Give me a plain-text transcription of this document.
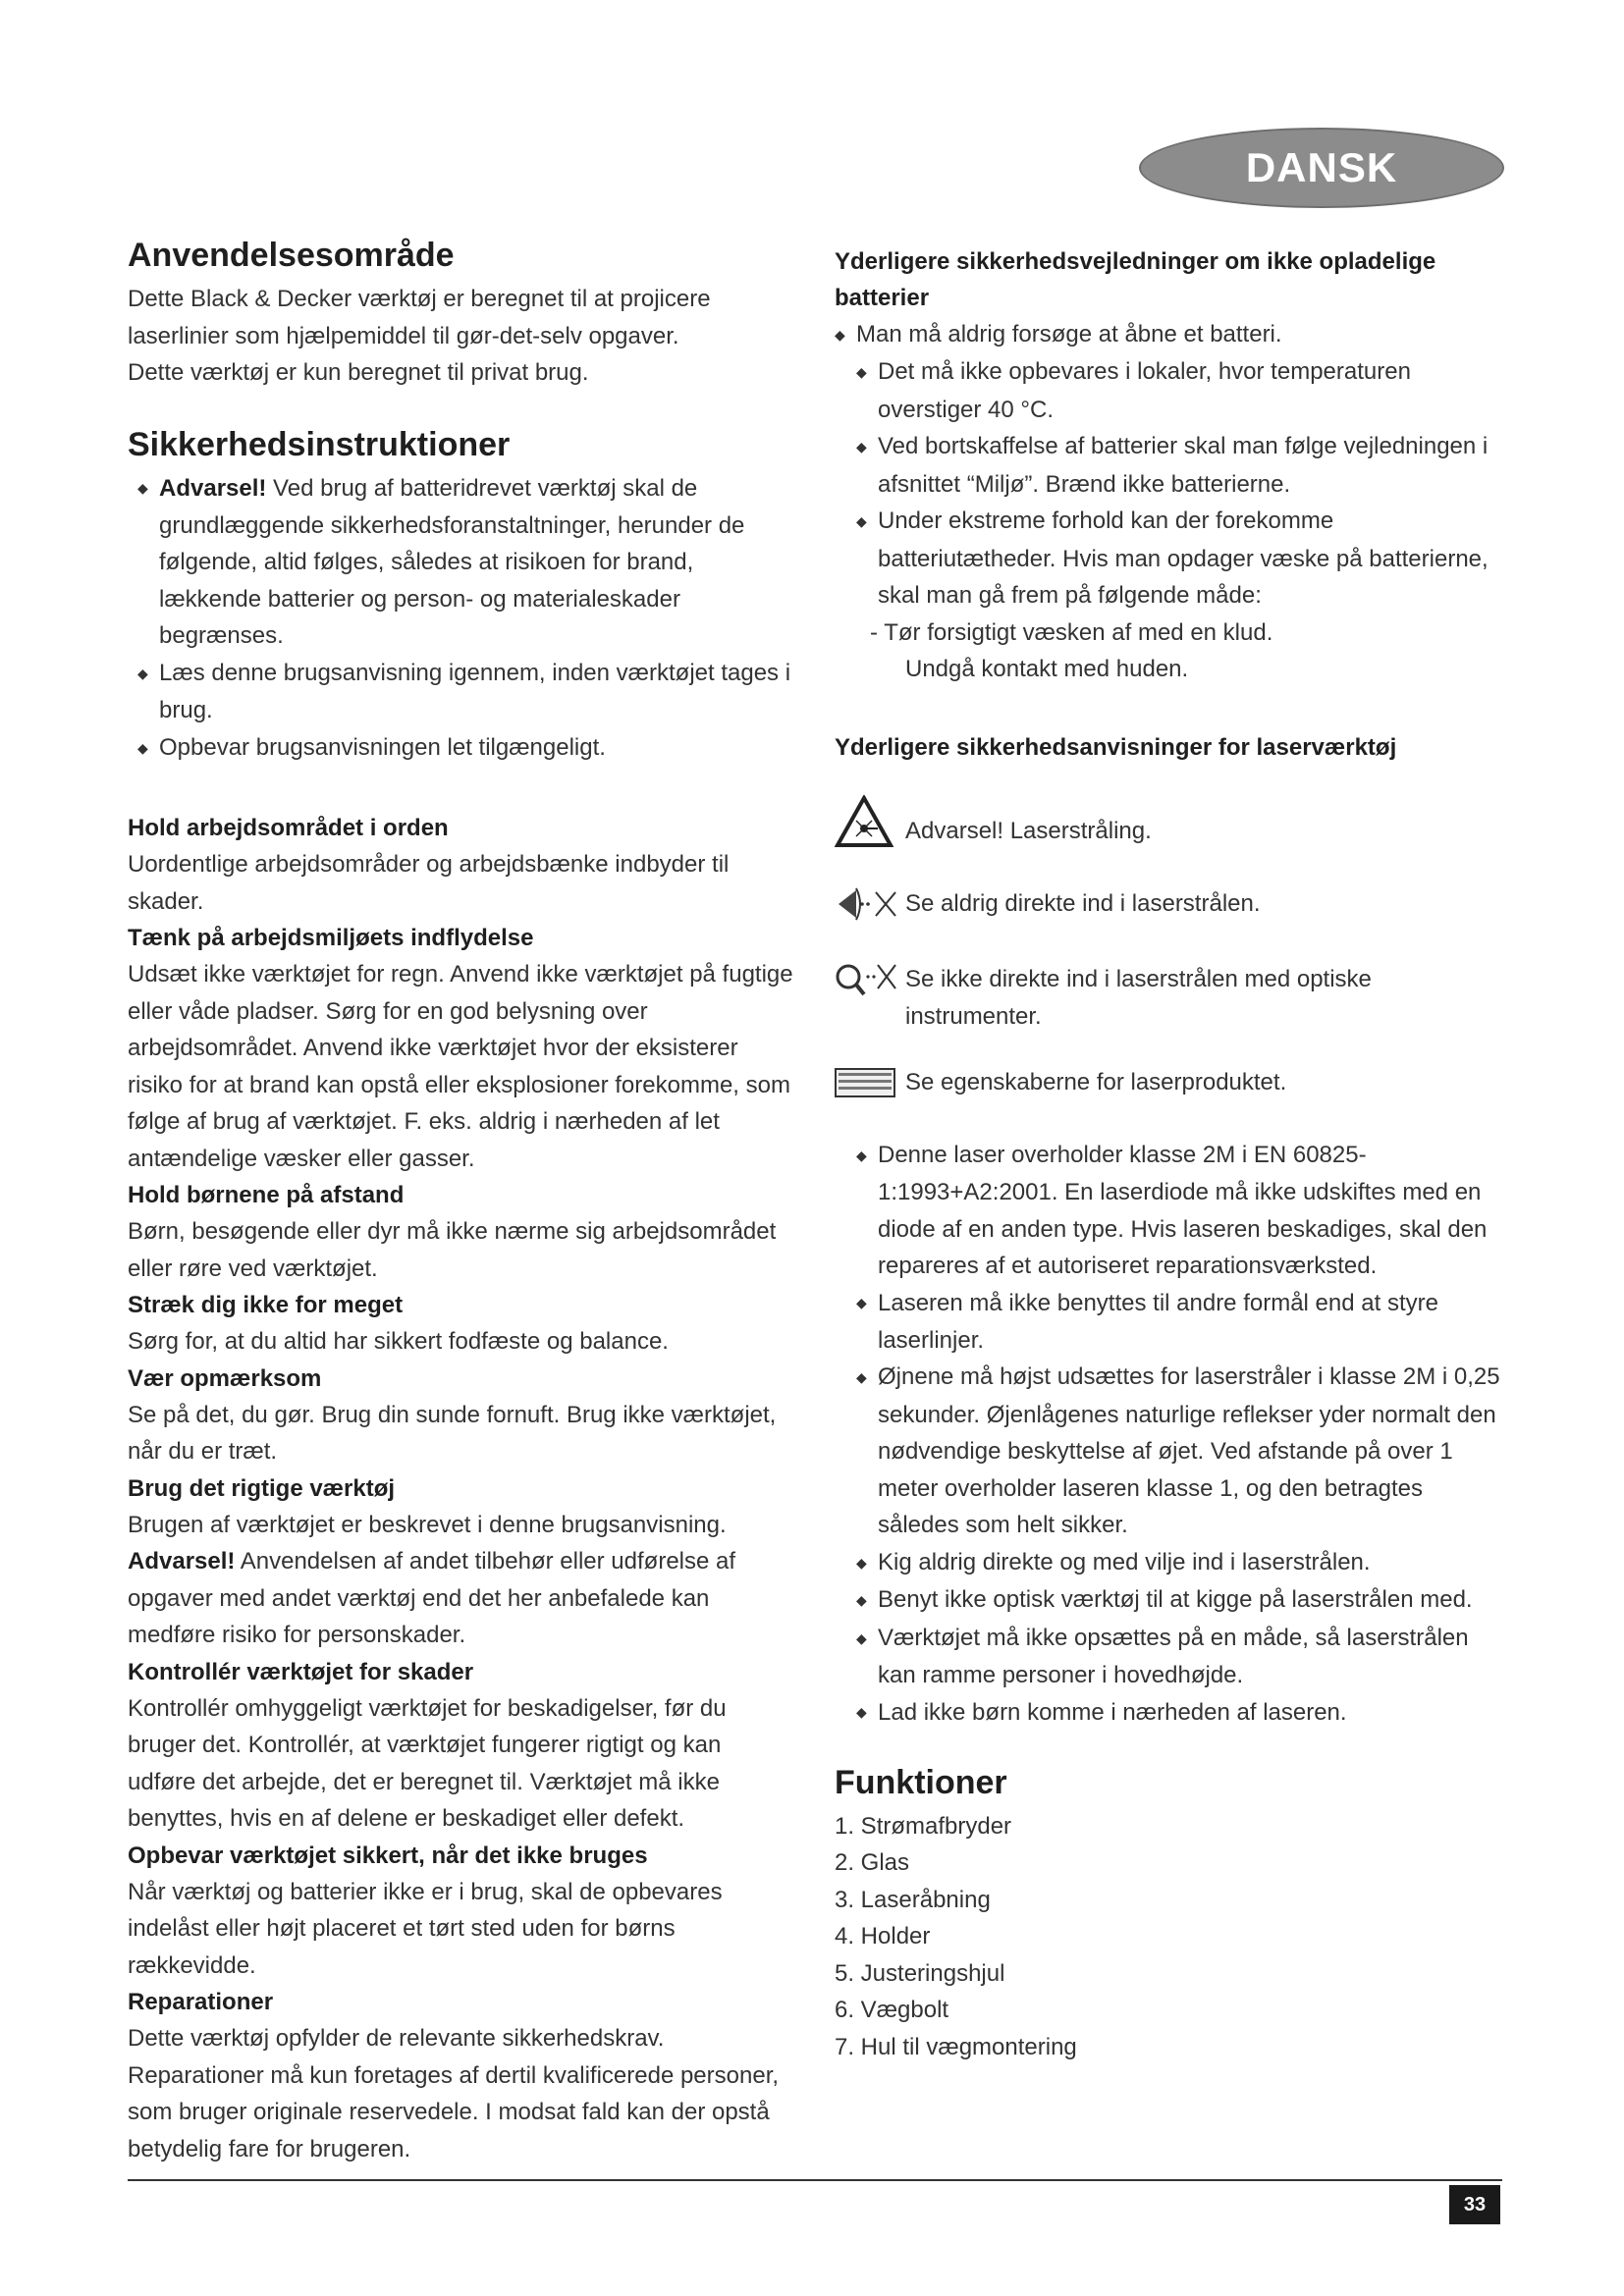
DANSK
Anvendelsesområde

Dette Black & Decker værktøj er beregnet til at projicere laserlinier som hjælpemiddel til gør-det-selv opgaver.

Dette værktøj er kun beregnet til privat brug.

Sikkerhedsinstruktioner
◆ Advarsel! Ved brug af batteridrevet værktøj skal de grundlæggende sikkerhedsforanstaltninger, herunder de følgende, altid følges, således at risikoen for brand, lækkende batterier og person- og materialeskader begrænses.
◆ Læs denne brugsanvisning igennem, inden værktøjet tages i brug.
◆ Opbevar brugsanvisningen let tilgængeligt.
Hold arbejdsområdet i orden

Uordentlige arbejdsområder og arbejdsbænke indbyder til skader.

Tænk på arbejdsmiljøets indflydelse

Udsæt ikke værktøjet for regn. Anvend ikke værktøjet på fugtige eller våde pladser. Sørg for en god belysning over arbejdsområdet. Anvend ikke værktøjet hvor der eksisterer risiko for at brand kan opstå eller eksplosioner forekomme, som følge af brug af værktøjet. F. eks. aldrig i nærheden af let antændelige væsker eller gasser.

Hold børnene på afstand

Børn, besøgende eller dyr må ikke nærme sig arbejdsområdet eller røre ved værktøjet.

Stræk dig ikke for meget

Sørg for, at du altid har sikkert fodfæste og balance.

Vær opmærksom

Se på det, du gør. Brug din sunde fornuft. Brug ikke værktøjet, når du er træt.

Brug det rigtige værktøj

Brugen af værktøjet er beskrevet i denne brugsanvisning. Advarsel! Anvendelsen af andet tilbehør eller udførelse af opgaver med andet værktøj end det her anbefalede kan medføre risiko for personskader.

Kontrollér værktøjet for skader

Kontrollér omhyggeligt værktøjet for beskadigelser, før du bruger det. Kontrollér, at værktøjet fungerer rigtigt og kan udføre det arbejde, det er beregnet til. Værktøjet må ikke benyttes, hvis en af delene er beskadiget eller defekt.

Opbevar værktøjet sikkert, når det ikke bruges

Når værktøj og batterier ikke er i brug, skal de opbevares indelåst eller højt placeret et tørt sted uden for børns rækkevidde.

Reparationer

Dette værktøj opfylder de relevante sikkerhedskrav. Reparationer må kun foretages af dertil kvalificerede personer, som bruger originale reservedele. I modsat fald kan der opstå betydelig fare for brugeren.

Yderligere sikkerhedsvejledninger om ikke opladelige batterier
◆ Man må aldrig forsøge at åbne et batteri.
◆ Det må ikke opbevares i lokaler, hvor temperaturen overstiger 40 °C.
◆ Ved bortskaffelse af batterier skal man følge vejledningen i afsnittet “Miljø”. Brænd ikke batterierne.
◆ Under ekstreme forhold kan der forekomme batteriutætheder. Hvis man opdager væske på batterierne, skal man gå frem på følgende måde:
- Tør forsigtigt væsken af med en klud.
Undgå kontakt med huden.
Yderligere sikkerhedsanvisninger for laserværktøj
Advarsel! Laserstråling.
Se aldrig direkte ind i laserstrålen.
Se ikke direkte ind i laserstrålen med optiske instrumenter.
Se egenskaberne for laserproduktet.
◆ Denne laser overholder klasse 2M i EN 60825-1:1993+A2:2001. En laserdiode må ikke udskiftes med en diode af en anden type. Hvis laseren beskadiges, skal den repareres af et autoriseret reparationsværksted.
◆ Laseren må ikke benyttes til andre formål end at styre laserlinjer.
◆ Øjnene må højst udsættes for laserstråler i klasse 2M i 0,25 sekunder. Øjenlågenes naturlige reflekser yder normalt den nødvendige beskyttelse af øjet. Ved afstande på over 1 meter overholder laseren klasse 1, og den betragtes således som helt sikker.
◆ Kig aldrig direkte og med vilje ind i laserstrålen.
◆ Benyt ikke optisk værktøj til at kigge på laserstrålen med.
◆ Værktøjet må ikke opsættes på en måde, så laserstrålen kan ramme personer i hovedhøjde.
◆ Lad ikke børn komme i nærheden af laseren.
Funktioner

1. Strømafbryder

2. Glas

3. Laseråbning

4. Holder

5. Justeringshjul

6. Vægbolt

7. Hul til vægmontering

33
